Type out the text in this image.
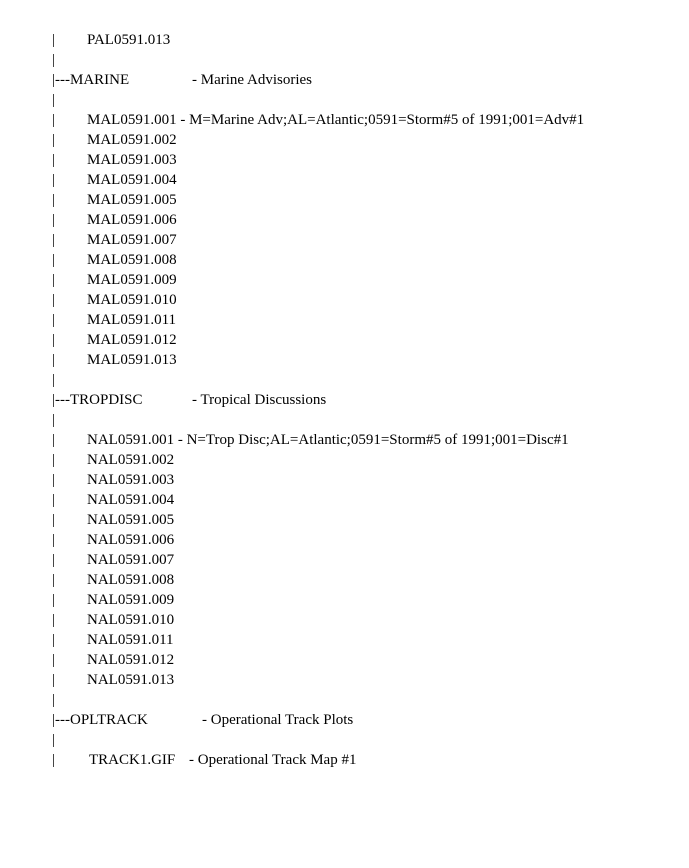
|

PAL0591.013

|

|---MARINE

	- Marine Advisories

|

|

MAL0591.001 - M=Marine Adv;AL=Atlantic;0591=Storm#5 of 1991;001=Adv#1

| MAL0591.002
| MAL0591.003
| MAL0591.004
| MAL0591.005
| MAL0591.006
| MAL0591.007
| MAL0591.008
| MAL0591.009
| MAL0591.010
| MAL0591.011
| MAL0591.012
| MAL0591.013

|

|---TROPDISC

	- Tropical Discussions

|

|

NAL0591.001 - N=Trop Disc;AL=Atlantic;0591=Storm#5 of 1991;001=Disc#1

| NAL0591.002
| NAL0591.003
| NAL0591.004
| NAL0591.005
| NAL0591.006
| NAL0591.007
| NAL0591.008
| NAL0591.009
| NAL0591.010
| NAL0591.011
| NAL0591.012
| NAL0591.013

|

|---OPLTRACK

	- Operational Track Plots

|

|

TRACK1.GIF

- Operational Track Map #1
